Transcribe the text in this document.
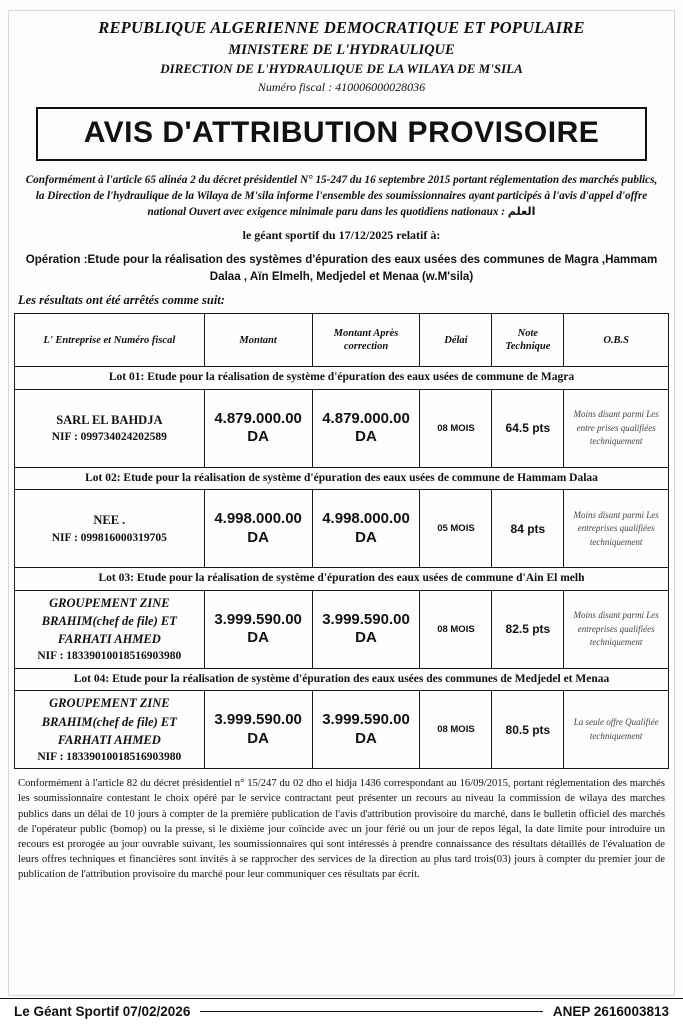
REPUBLIQUE ALGERIENNE DEMOCRATIQUE ET POPULAIRE
MINISTERE DE L'HYDRAULIQUE
DIRECTION DE L'HYDRAULIQUE DE LA WILAYA DE M'SILA
Numéro fiscal : 410006000028036
AVIS D'ATTRIBUTION PROVISOIRE
Conformément à l'article 65 alinéa 2 du décret présidentiel N° 15-247 du 16 septembre 2015 portant réglementation des marchés publics, la Direction de l'hydraulique de la Wilaya de M'sila informe l'ensemble des soumissionnaires ayant participés à l'avis d'appel d'offre national Ouvert avec exigence minimale paru dans les quotidiens nationaux : العلم
le géant sportif du 17/12/2025 relatif à:
Opération :Etude pour la réalisation des systèmes d'épuration des eaux usées des communes de Magra ,Hammam Dalaa , Aïn Elmelh, Medjedel et Menaa (w.M'sila)
Les résultats ont été arrêtés comme suit:
L' Entreprise et Numéro fiscal	Montant	Montant Après correction	Délai	Note Technique	O.B.S
Lot 01: Etude pour la réalisation de système d'épuration des eaux usées de commune de Magra					

SARL EL BAHDJA
NIF : 099734024202589
	4.879.000.00
DA
	4.879.000.00
DA	08 MOIS	64.5 pts	Moins disant parmi Les entre prises qualifiées techniquement
Lot 02: Etude pour la réalisation de système d'épuration des eaux usées de commune de Hammam Dalaa					

NEE .
NIF : 099816000319705
	4.998.000.00
DA
	4.998.000.00
DA	05 MOIS	84 pts	Moins disant parmi Les entreprises qualifiées techniquement
Lot 03: Etude pour la réalisation de système d'épuration des eaux usées de commune d'Ain El melh					

GROUPEMENT ZINE BRAHIM(chef de file) ET FARHATI AHMED
NIF : 18339010018516903980
	3.999.590.00
DA
	3.999.590.00
DA	08 MOIS	82.5 pts	Moins disant parmi Les entreprises qualifiées techniquement
Lot 04: Etude pour la réalisation de système d'épuration des eaux usées des communes de Medjedel et Menaa					

GROUPEMENT ZINE BRAHIM(chef de file) ET FARHATI AHMED
NIF : 18339010018516903980
	3.999.590.00
DA
	3.999.590.00
DA	08 MOIS	80.5 pts	La seule offre Qualifiée techniquement
Conformément à l'article 82 du décret présidentiel n° 15/247 du 02 dho el hidja 1436 correspondant au 16/09/2015, portant réglementation des marchés les soumissionnaire contestant le choix opéré par le service contractant peut présenter un recours au niveau la commission de wilaya des marches publics dans un délai de 10 jours à compter de la première publication de l'avis d'attribution provisoire du marché, dans le bulletin officiel des marchés de l'opérateur public (bomop) ou la presse, si le dixième jour coïncide avec un jour férié ou un jour de repos légal, la date limite pour introduire un recours est prorogée au jour ouvrable suivant, les soumissionnaires qui sont intéressés à prendre connaissance des résultats détaillés de l'évaluation de leurs offres techniques et financières sont invités à se rapprocher des services de la direction au plus tard trois(03) jours à compter du premier jour de publication de l'attribution provisoire du marché pour leur communiquer ces résultats par écrit.
Le Géant Sportif 07/02/2026	ANEP 2616003813
